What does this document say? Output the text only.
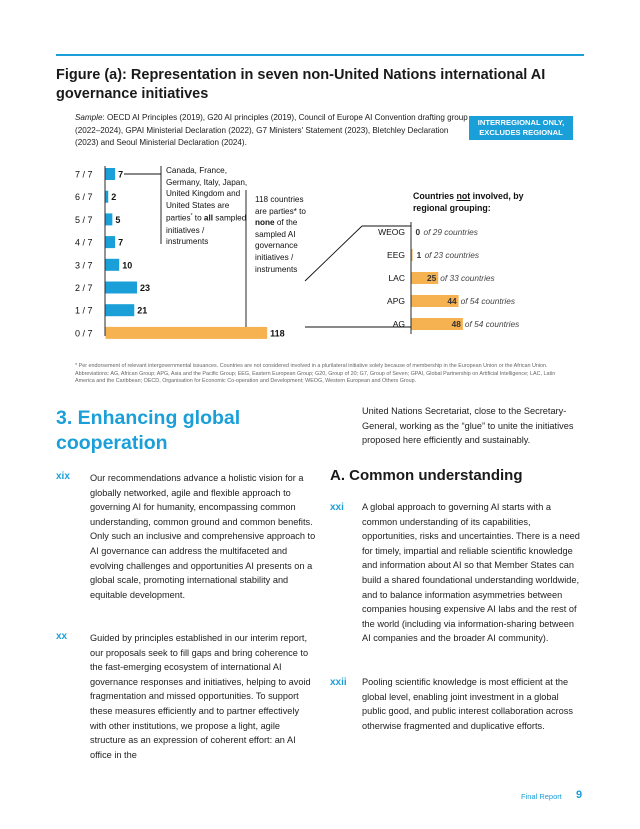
Figure (a): Representation in seven non-United Nations international AI governance initiatives
Sample: OECD AI Principles (2019), G20 AI principles (2019), Council of Europe AI Convention drafting group (2022–2024), GPAI Ministerial Declaration (2022), G7 Ministers' Statement (2023), Bletchley Declaration (2023) and Seoul Ministerial Declaration (2024).
INTERREGIONAL ONLY, EXCLUDES REGIONAL
7 / 7	7
6 / 7 2
5 / 7	5
4 / 7	7
3 / 7	10
2 / 7	23
1 / 7	21
0 / 7	118
WEOG 0 of 29 countries
EEG 1 of 23 countries
LAC	25 of 33 countries
APG	44 of 54 countries
AG	48 of 54 countries
Canada, France, Germany, Italy, Japan, United Kingdom and United States are parties* to all sampled initiatives / instruments
118 countries are parties* to none of the sampled AI governance initiatives / instruments
Countries not involved, by regional grouping:
* Per endorsement of relevant intergovernmental issuances. Countries are not considered involved in a plurilateral initiative solely because of membership in the European Union or the African Union. Abbreviations: AG, African Group; APG, Asia and the Pacific Group; EEG, Eastern European Group; G20, Group of 20; G7, Group of Seven; GPAI, Global Partnership on Artificial Intelligence; LAC, Latin America and the Caribbean; OECD, Organisation for Economic Co-operation and Development; WEOG, Western European and Others Group.
3. Enhancing global cooperation
xix Our recommendations advance a holistic vision for a globally networked, agile and flexible approach to governing AI for humanity, encompassing common understanding, common ground and common benefits. Only such an inclusive and comprehensive approach to AI governance can address the multifaceted and evolving challenges and opportunities AI presents on a global scale, promoting international stability and equitable development.
xx Guided by principles established in our interim report, our proposals seek to fill gaps and bring coherence to the fast-emerging ecosystem of international AI governance responses and initiatives, helping to avoid fragmentation and missed opportunities. To support these measures efficiently and to partner effectively with other institutions, we propose a light, agile structure as an expression of coherent effort: an AI office in the
United Nations Secretariat, close to the Secretary-General, working as the “glue” to unite the initiatives proposed here efficiently and sustainably.
A. Common understanding
xxi A global approach to governing AI starts with a common understanding of its capabilities, opportunities, risks and uncertainties. There is a need for timely, impartial and reliable scientific knowledge and information about AI so that Member States can build a shared foundational understanding worldwide, and to balance information asymmetries between companies housing expensive AI labs and the rest of the world (including via information-sharing between AI companies and the broader AI community).
xxii Pooling scientific knowledge is most efficient at the global level, enabling joint investment in a global public good, and public interest collaboration across otherwise fragmented and duplicative efforts.
Final Report 9
